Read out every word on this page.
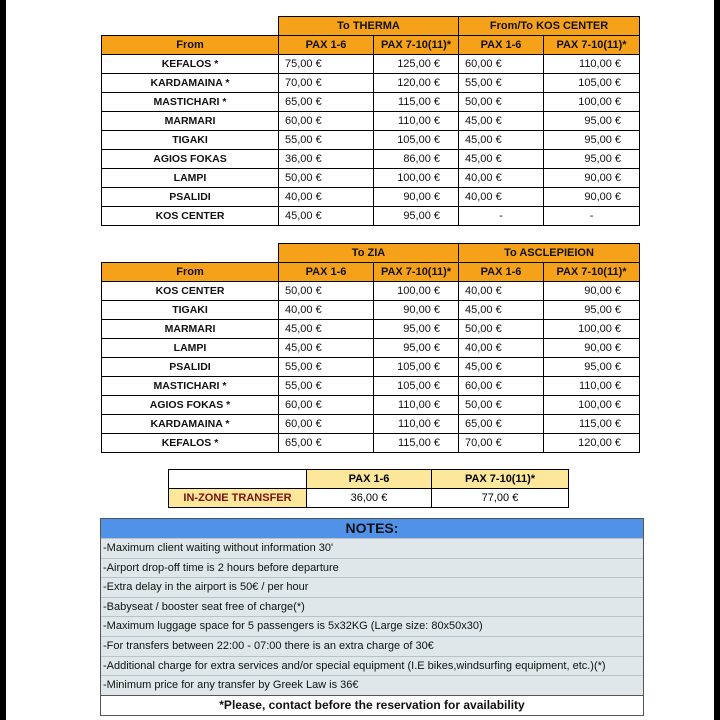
	To THERMA		From/To KOS CENTER	
From	PAX 1-6	PAX 7-10(11)*	PAX 1-6	PAX 7-10(11)*
KEFALOS *	75,00 €	125,00 €	60,00 €	110,00 €
KARDAMAINA *	70,00 €	120,00 €	55,00 €	105,00 €
MASTICHARI *	65,00 €	115,00 €	50,00 €	100,00 €
MARMARI	60,00 €	110,00 €	45,00 €	95,00 €
TIGAKI	55,00 €	105,00 €	45,00 €	95,00 €
AGIOS FOKAS	36,00 €	86,00 €	45,00 €	95,00 €
LAMPI	50,00 €	100,00 €	40,00 €	90,00 €
PSALIDI	40,00 €	90,00 €	40,00 €	90,00 €
KOS CENTER	45,00 €	95,00 €	-	-
	To ZIA		To ASCLEPIEION	
From	PAX 1-6	PAX 7-10(11)*	PAX 1-6	PAX 7-10(11)*
KOS CENTER	50,00 €	100,00 €	40,00 €	90,00 €
TIGAKI	40,00 €	90,00 €	45,00 €	95,00 €
MARMARI	45,00 €	95,00 €	50,00 €	100,00 €
LAMPI	45,00 €	95,00 €	40,00 €	90,00 €
PSALIDI	55,00 €	105,00 €	45,00 €	95,00 €
MASTICHARI *	55,00 €	105,00 €	60,00 €	110,00 €
AGIOS FOKAS *	60,00 €	110,00 €	50,00 €	100,00 €
KARDAMAINA *	60,00 €	110,00 €	65,00 €	115,00 €
KEFALOS *	65,00 €	115,00 €	70,00 €	120,00 €
	PAX 1-6	PAX 7-10(11)*
IN-ZONE TRANSFER	36,00 €	77,00 €
NOTES:
-Maximum client waiting without information 30'
-Airport drop-off time is 2 hours before departure
-Extra delay in the airport is 50€ / per hour
-Babyseat / booster seat free of charge(*)
-Maximum luggage space for 5 passengers is 5x32KG (Large size: 80x50x30)
-For transfers between 22:00 - 07:00 there is an extra charge of 30€
-Additional charge for extra services and/or special equipment (I.E bikes,windsurfing equipment, etc.)(*)
-Minimum price for any transfer by Greek Law is 36€
*Please, contact before the reservation for availability
